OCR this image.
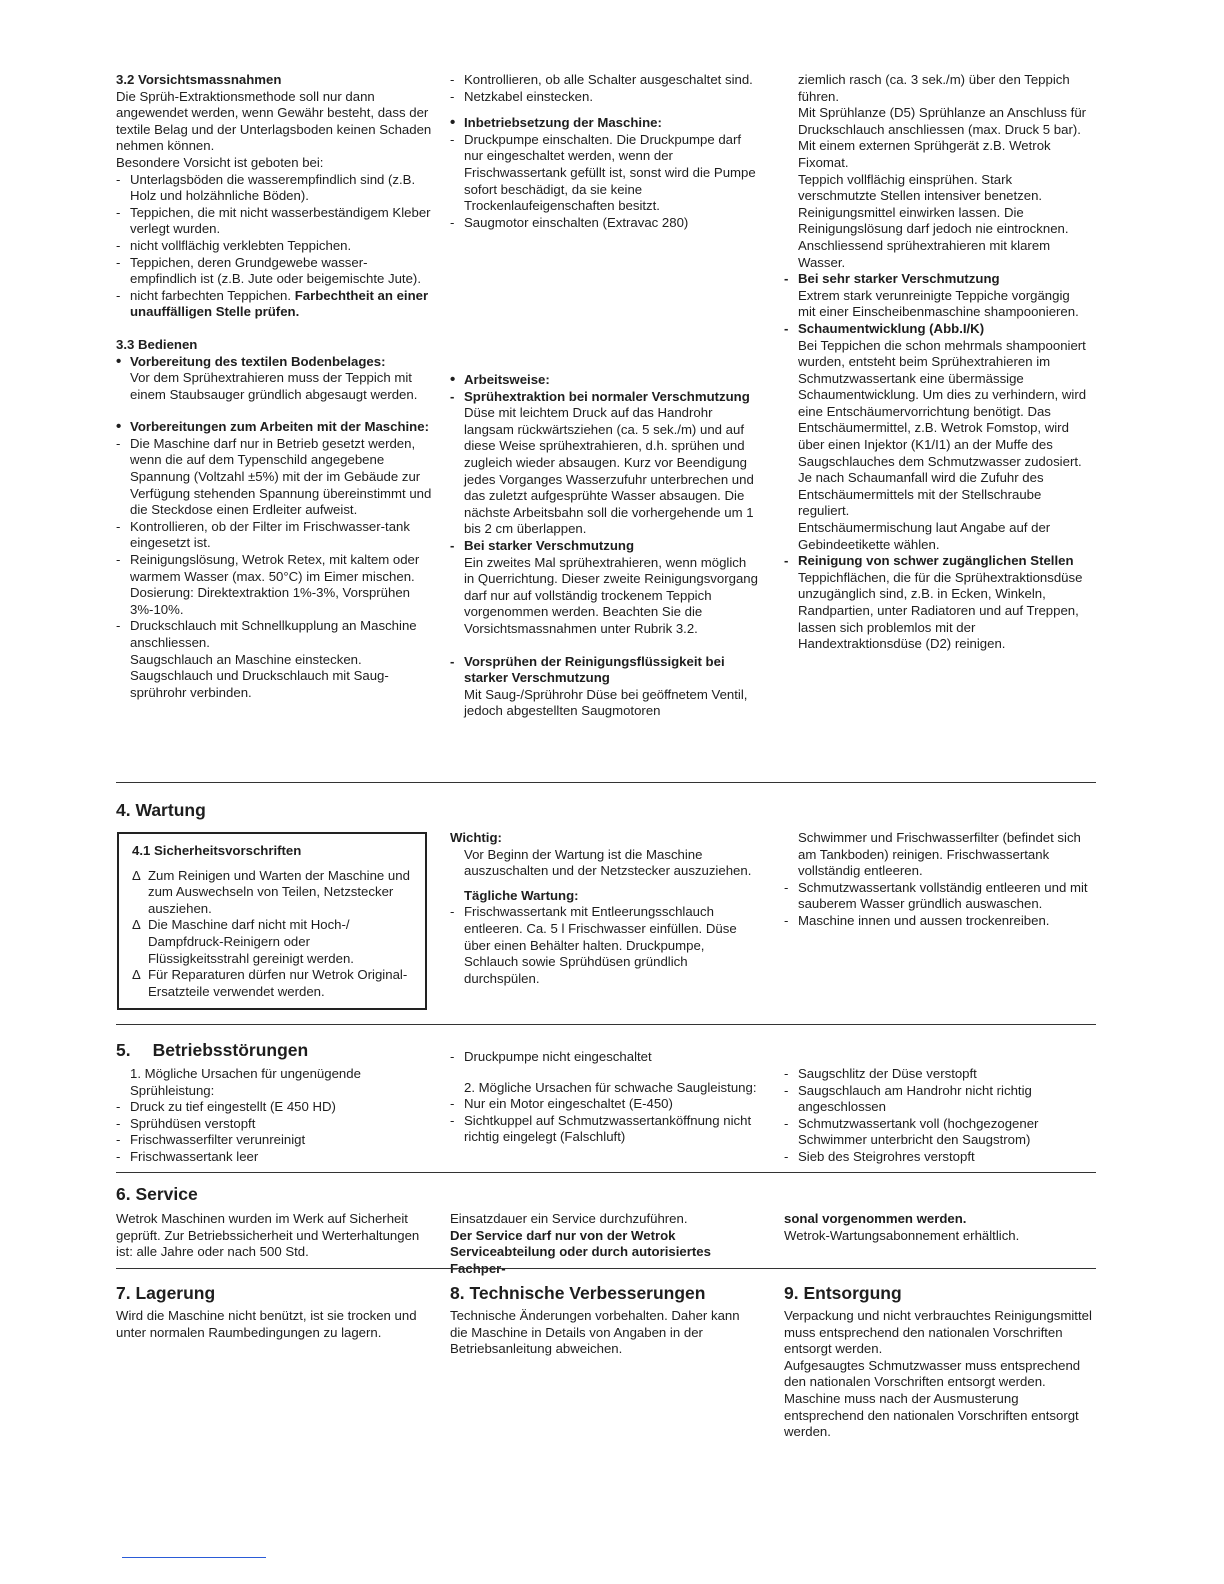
3.2 Vorsichtsmassnahmen

Die Sprüh-Extraktionsmethode soll nur dann angewendet werden, wenn Gewähr besteht, dass der textile Belag und der Unterlagsboden keinen Schaden nehmen können.

Besondere Vorsicht ist geboten bei:

- Unterlagsböden die wasserempfindlich sind (z.B. Holz und holzähnliche Böden).
- Teppichen, die mit nicht wasserbeständigem Kleber verlegt wurden.
- nicht vollflächig verklebten Teppichen.
- Teppichen, deren Grundgewebe wasser-empfindlich ist (z.B. Jute oder beigemischte Jute).
- nicht farbechten Teppichen. Farbechtheit an einer unauffälligen Stelle prüfen.

3.3 Bedienen

• Vorbereitung des textilen Bodenbelages:

Vor dem Sprühextrahieren muss der Teppich mit einem Staubsauger gründlich abgesaugt werden.

• Vorbereitungen zum Arbeiten mit der Maschine:
- Die Maschine darf nur in Betrieb gesetzt werden, wenn die auf dem Typenschild angegebene Spannung (Voltzahl ±5%) mit der im Gebäude zur Verfügung stehenden Spannung übereinstimmt und die Steckdose einen Erdleiter aufweist.
- Kontrollieren, ob der Filter im Frischwasser-tank eingesetzt ist.
- Reinigungslösung, Wetrok Retex, mit kaltem oder warmem Wasser (max. 50°C) im Eimer mischen. Dosierung: Direktextraktion 1%-3%, Vorsprühen 3%-10%.
- Druckschlauch mit Schnellkupplung an Maschine anschliessen.

Saugschlauch an Maschine einstecken.

Saugschlauch und Druckschlauch mit Saug-sprührohr verbinden.

- Kontrollieren, ob alle Schalter ausgeschaltet sind.
- Netzkabel einstecken.
• Inbetriebsetzung der Maschine:
- Druckpumpe einschalten. Die Druckpumpe darf nur eingeschaltet werden, wenn der Frischwassertank gefüllt ist, sonst wird die Pumpe sofort beschädigt, da sie keine Trockenlaufeigenschaften besitzt.
- Saugmotor einschalten (Extravac 280)
• Arbeitsweise:
- Sprühextraktion bei normaler Verschmutzung

Düse mit leichtem Druck auf das Handrohr langsam rückwärtsziehen (ca. 5 sek./m) und auf diese Weise sprühextrahieren, d.h. sprühen und zugleich wieder absaugen. Kurz vor Beendigung jedes Vorganges Wasserzufuhr unterbrechen und das zuletzt aufgesprühte Wasser absaugen. Die nächste Arbeitsbahn soll die vorhergehende um 1 bis 2 cm überlappen.

- Bei starker Verschmutzung

Ein zweites Mal sprühextrahieren, wenn möglich in Querrichtung. Dieser zweite Reinigungsvorgang darf nur auf vollständig trockenem Teppich vorgenommen werden. Beachten Sie die Vorsichtsmassnahmen unter Rubrik 3.2.

- Vorsprühen der Reinigungsflüssigkeit bei starker Verschmutzung

Mit Saug-/Sprührohr Düse bei geöffnetem Ventil, jedoch abgestellten Saugmotoren

ziemlich rasch (ca. 3 sek./m) über den Teppich führen.

Mit Sprühlanze (D5) Sprühlanze an Anschluss für Druckschlauch anschliessen (max. Druck 5 bar).

Mit einem externen Sprühgerät z.B. Wetrok Fixomat.

Teppich vollflächig einsprühen. Stark verschmutzte Stellen intensiver benetzen. Reinigungsmittel einwirken lassen. Die Reinigungslösung darf jedoch nie eintrocknen. Anschliessend sprühextrahieren mit klarem Wasser.

- Bei sehr starker Verschmutzung

Extrem stark verunreinigte Teppiche vorgängig mit einer Einscheibenmaschine shampoonieren.

- Schaumentwicklung (Abb.I/K)

Bei Teppichen die schon mehrmals shampooniert wurden, entsteht beim Sprühextrahieren im Schmutzwassertank eine übermässige Schaumentwicklung. Um dies zu verhindern, wird eine Entschäumervorrichtung benötigt. Das Entschäumermittel, z.B. Wetrok Fomstop, wird über einen Injektor (K1/I1) an der Muffe des Saugschlauches dem Schmutzwasser zudosiert. Je nach Schaumanfall wird die Zufuhr des Entschäumermittels mit der Stellschraube reguliert.

Entschäumermischung laut Angabe auf der Gebindeetikette wählen.

- Reinigung von schwer zugänglichen Stellen

Teppichflächen, die für die Sprühextraktionsdüse unzugänglich sind, z.B. in Ecken, Winkeln, Randpartien, unter Radiatoren und auf Treppen, lassen sich problemlos mit der Handextraktionsdüse (D2) reinigen.

4. Wartung

4.1 Sicherheitsvorschriften

Δ Zum Reinigen und Warten der Maschine und zum Auswechseln von Teilen, Netzstecker ausziehen.
Δ Die Maschine darf nicht mit Hoch-/ Dampfdruck-Reinigern oder Flüssigkeitsstrahl gereinigt werden.
Δ Für Reparaturen dürfen nur Wetrok Original-Ersatzteile verwendet werden.

Wichtig:

Vor Beginn der Wartung ist die Maschine auszuschalten und der Netzstecker auszuziehen.

Tägliche Wartung:

- Frischwassertank mit Entleerungsschlauch entleeren. Ca. 5 l Frischwasser einfüllen. Düse über einen Behälter halten. Druckpumpe, Schlauch sowie Sprühdüsen gründlich durchspülen.

Schwimmer und Frischwasserfilter (befindet sich am Tankboden) reinigen. Frischwassertank vollständig entleeren.

- Schmutzwassertank vollständig entleeren und mit sauberem Wasser gründlich auswaschen.
- Maschine innen und aussen trockenreiben.
5. Betriebsstörungen
1. Mögliche Ursachen für ungenügende Sprühleistung:
- Druck zu tief eingestellt (E 450 HD)
- Sprühdüsen verstopft
- Frischwasserfilter verunreinigt
- Frischwassertank leer
- Druckpumpe nicht eingeschaltet
2. Mögliche Ursachen für schwache Saugleistung:
- Nur ein Motor eingeschaltet (E-450)
- Sichtkuppel auf Schmutzwassertanköffnung nicht richtig eingelegt (Falschluft)
- Saugschlitz der Düse verstopft
- Saugschlauch am Handrohr nicht richtig angeschlossen
- Schmutzwassertank voll (hochgezogener Schwimmer unterbricht den Saugstrom)
- Sieb des Steigrohres verstopft
6. Service

Wetrok Maschinen wurden im Werk auf Sicherheit geprüft. Zur Betriebssicherheit und Werterhaltungen ist: alle Jahre oder nach 500 Std.

Einsatzdauer ein Service durchzuführen.

Der Service darf nur von der Wetrok Serviceabteilung oder durch autorisiertes Fachper-

sonal vorgenommen werden.

Wetrok-Wartungsabonnement erhältlich.

7. Lagerung

Wird die Maschine nicht benützt, ist sie trocken und unter normalen Raumbedingungen zu lagern.

8. Technische Verbesserungen

Technische Änderungen vorbehalten. Daher kann die Maschine in Details von Angaben in der Betriebsanleitung abweichen.

9. Entsorgung

Verpackung und nicht verbrauchtes Reinigungsmittel muss entsprechend den nationalen Vorschriften entsorgt werden.

Aufgesaugtes Schmutzwasser muss entsprechend den nationalen Vorschriften entsorgt werden.

Maschine muss nach der Ausmusterung entsprechend den nationalen Vorschriften entsorgt werden.
